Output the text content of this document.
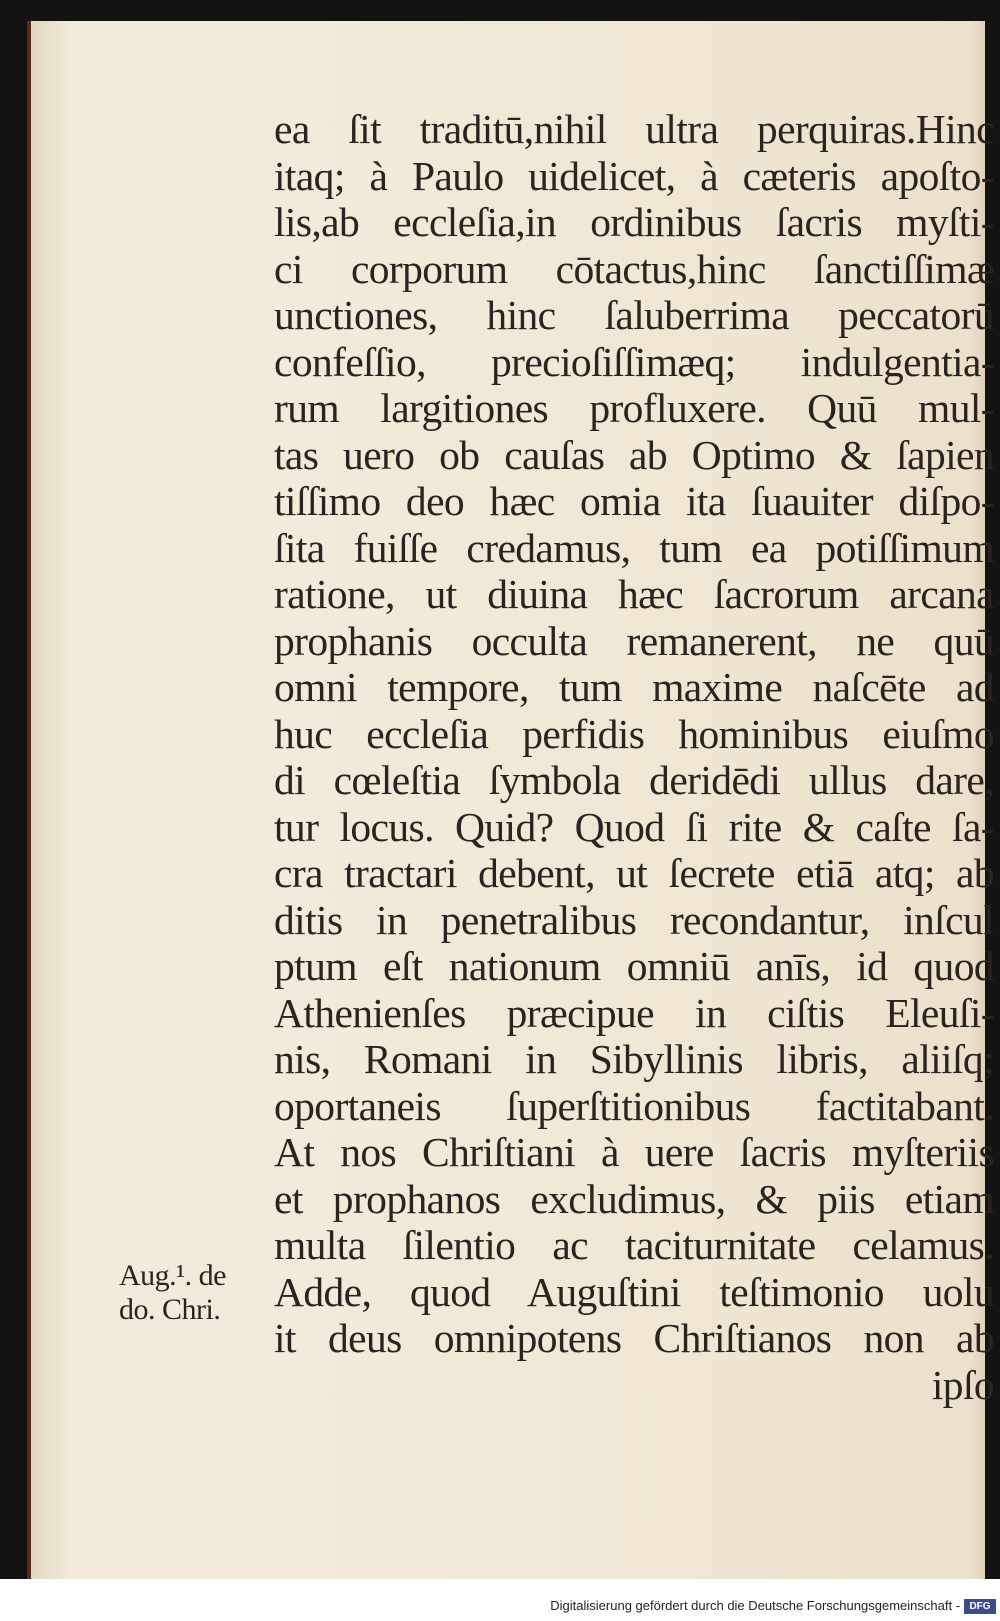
ea ſit traditū,nihil ultra perquiras.Hinc
itaq; à Paulo uidelicet, à cæteris apoſto-
lis,ab eccleſia,in ordinibus ſacris myſti-
ci corporum cōtactus,hinc ſanctiſſimæ
unctiones, hinc ſaluberrima peccatorū
confeſſio, precioſiſſimæq; indulgentia-
rum largitiones profluxere. Quū mul-
tas uero ob cauſas ab Optimo & ſapien
tiſſimo deo hæc omia ita ſuauiter diſpo-
ſita fuiſſe credamus, tum ea potiſſimum
ratione, ut diuina hæc ſacrorum arcana
prophanis occulta remanerent, ne quū
omni tempore, tum maxime naſcēte ad
huc eccleſia perfidis hominibus eiuſmo
di cœleſtia ſymbola deridēdi ullus dare,
tur locus. Quid? Quod ſi rite & caſte ſa-
cra tractari debent, ut ſecrete etiā atq; ab
ditis in penetralibus recondantur, inſcul
ptum eſt nationum omniū anīs, id quod
Athenienſes præcipue in ciſtis Eleuſi-
nis, Romani in Sibyllinis libris, aliiſq;
oportaneis ſuperſtitionibus factitabant.
At nos Chriſtiani à uere ſacris myſteriis
et prophanos excludimus, & piis etiam
multa ſilentio ac taciturnitate celamus.
Adde, quod Auguſtini teſtimonio uolu
it deus omnipotens Chriſtianos non ab
ipſo
Aug.¹. de
do. Chri.
Digitalisierung gefördert durch die Deutsche Forschungsgemeinschaft - DFG
